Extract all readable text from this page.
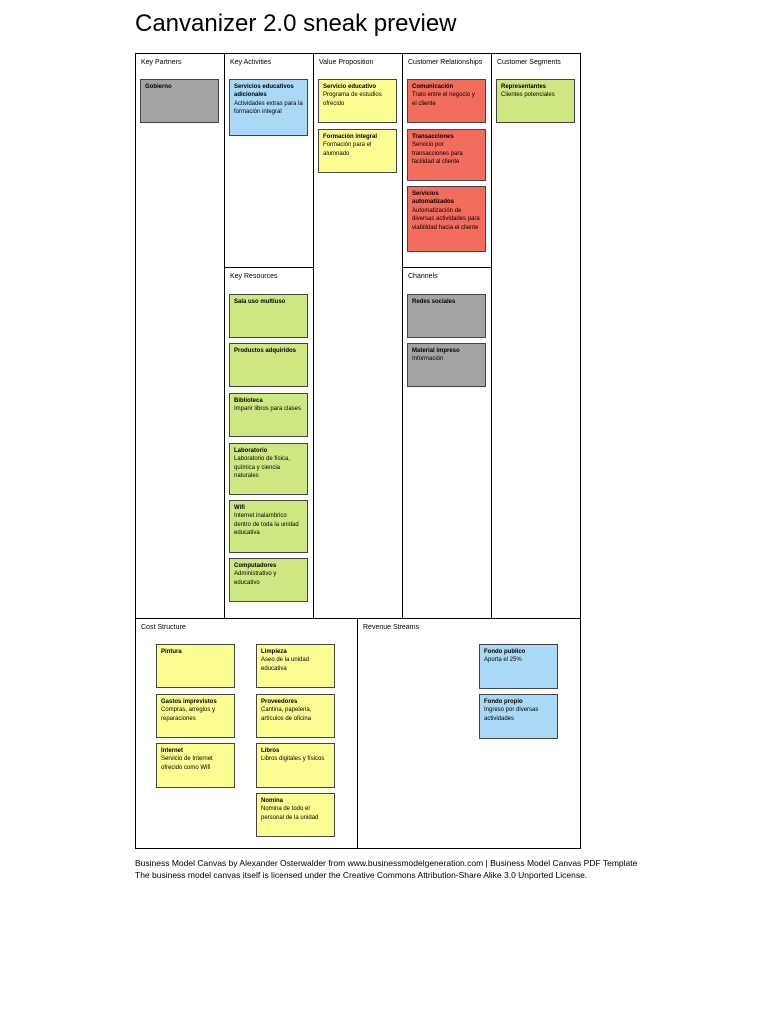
Canvanizer 2.0 sneak preview
Key Partners	Key Activities
Key Resources
Value Proposition	Customer Relationships
Channels
Customer Segments
Cost Structure	Revenue Streams
Gobierno	Servicios educativos adicionales
Actividades extras para la formación integral
Servicio educativo
Programa de estudios ofrecido
Formación integral
Formación para el alumnado
Comunicación
Trato entre el negocio y el cliente
Transacciones
Servicio por transacciones para facilidad al cliente
Servicios automatizados
Automatización de diversas actividades para viabilidad hacia el cliente
Representantes
Clientes potenciales
Sala uso multiuso
Productos adquiridos
Biblioteca
Imparir libros para clases
Laboratorio
Laboratorio de física, química y ciencia naturales
Wifi
Internet inalambrico dentro de toda la unidad educativa
Computadores
Administrativo y educativo
Redes sociales
Material impreso
Información
Pintura	Limpieza
Aseo de la unidad educativa
Gastos imprevistos
Compras, arreglos y reparaciones
Proveedores
Cantina, papeleria, artículos de oficina
Internet
Servicio de Internet ofrecido como Wifi
Libros
Libros digitales y físicos
Nomina
Nomina de todo el personal de la unidad
Fondo publico
Aporta el 25%
Fondo propio
Ingreso por diversas actividades
Business Model Canvas by Alexander Osterwalder from www.businessmodelgeneration.com | Business Model Canvas PDF Template
The business model canvas itself is licensed under the Creative Commons Attribution-Share Alike 3.0 Unported License.
